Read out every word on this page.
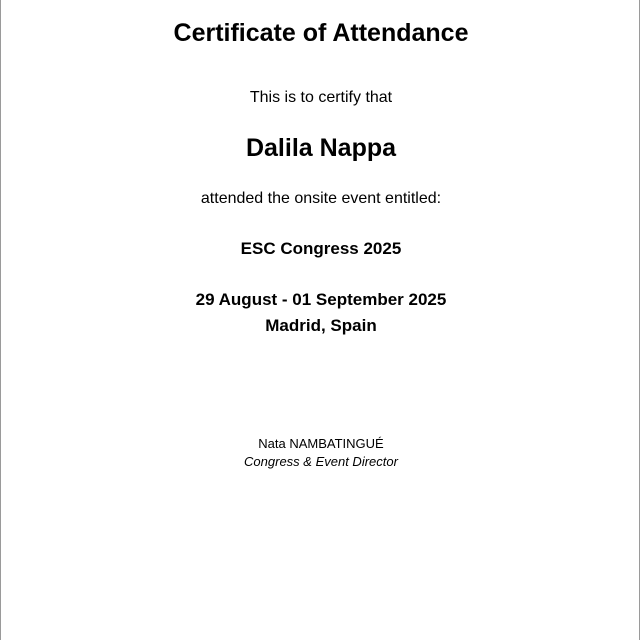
Certificate of Attendance
This is to certify that
Dalila Nappa
attended the onsite event entitled:
ESC Congress 2025
29 August - 01 September 2025
Madrid, Spain
Nata NAMBATINGUÉ
Congress & Event Director
